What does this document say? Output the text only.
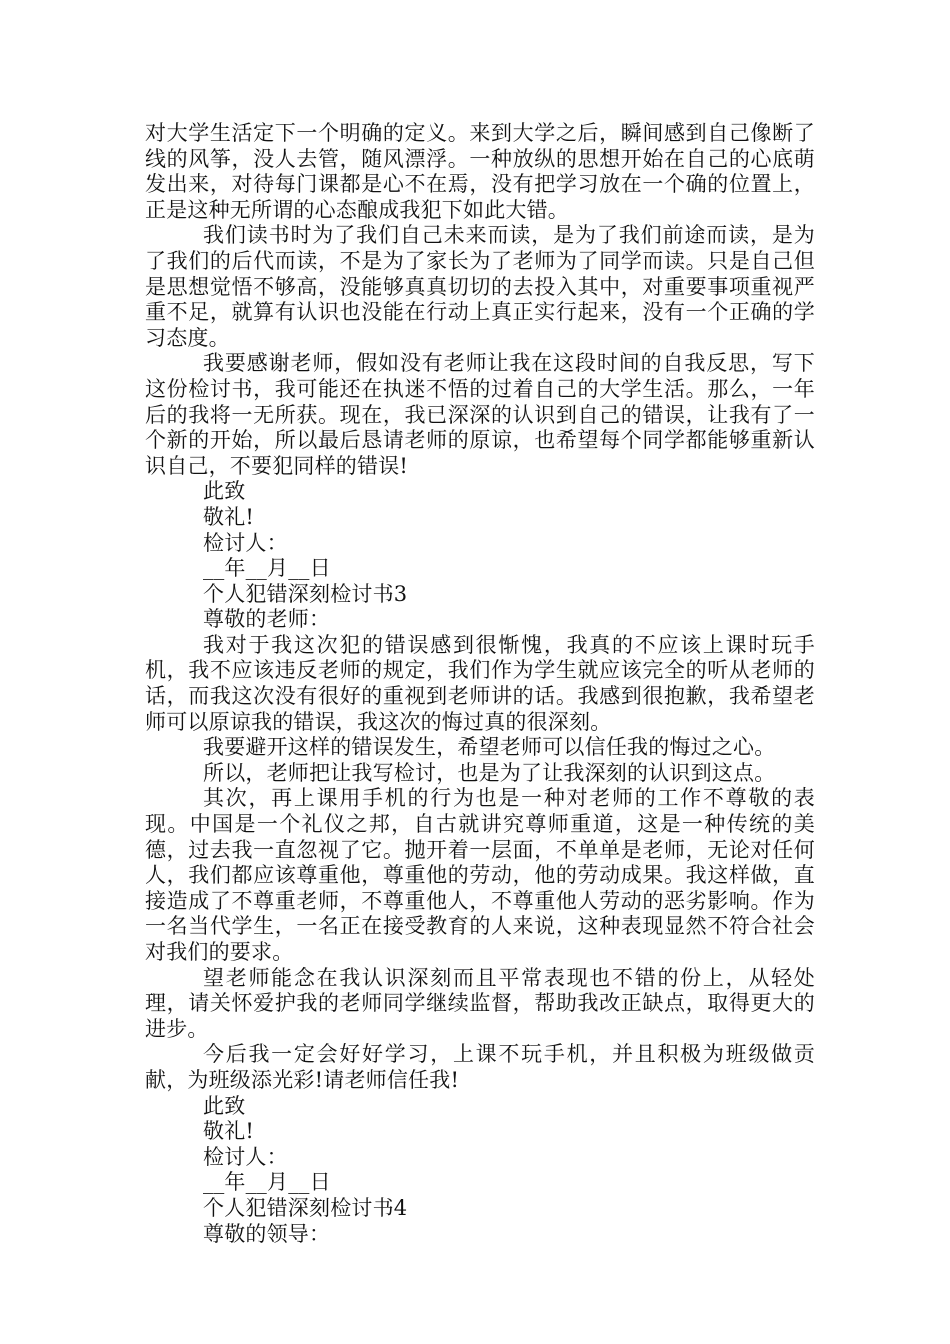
对大学生活定下一个明确的定义。来到大学之后，瞬间感到自己像断了线的风筝，没人去管，随风漂浮。一种放纵的思想开始在自己的心底萌发出来，对待每门课都是心不在焉，没有把学习放在一个确的位置上，正是这种无所谓的心态酿成我犯下如此大错。

我们读书时为了我们自己未来而读，是为了我们前途而读，是为了我们的后代而读，不是为了家长为了老师为了同学而读。只是自己但是思想觉悟不够高，没能够真真切切的去投入其中，对重要事项重视严重不足，就算有认识也没能在行动上真正实行起来，没有一个正确的学习态度。

我要感谢老师，假如没有老师让我在这段时间的自我反思，写下这份检讨书，我可能还在执迷不悟的过着自己的大学生活。那么，一年后的我将一无所获。现在，我已深深的认识到自己的错误，让我有了一个新的开始，所以最后恳请老师的原谅，也希望每个同学都能够重新认识自己，不要犯同样的错误!

此致

敬礼!

检讨人：

__年__月__日

个人犯错深刻检讨书3

尊敬的老师：

我对于我这次犯的错误感到很惭愧，我真的不应该上课时玩手机，我不应该违反老师的规定，我们作为学生就应该完全的听从老师的话，而我这次没有很好的重视到老师讲的话。我感到很抱歉，我希望老师可以原谅我的错误，我这次的悔过真的很深刻。

我要避开这样的错误发生，希望老师可以信任我的悔过之心。

所以，老师把让我写检讨，也是为了让我深刻的认识到这点。

其次，再上课用手机的行为也是一种对老师的工作不尊敬的表现。中国是一个礼仪之邦，自古就讲究尊师重道，这是一种传统的美德，过去我一直忽视了它。抛开着一层面，不单单是老师，无论对任何人，我们都应该尊重他，尊重他的劳动，他的劳动成果。我这样做，直接造成了不尊重老师，不尊重他人，不尊重他人劳动的恶劣影响。作为一名当代学生，一名正在接受教育的人来说，这种表现显然不符合社会对我们的要求。

望老师能念在我认识深刻而且平常表现也不错的份上，从轻处理，请关怀爱护我的老师同学继续监督，帮助我改正缺点，取得更大的进步。

今后我一定会好好学习，上课不玩手机，并且积极为班级做贡献，为班级添光彩!请老师信任我!

此致

敬礼!

检讨人：

__年__月__日

个人犯错深刻检讨书4

尊敬的领导：
